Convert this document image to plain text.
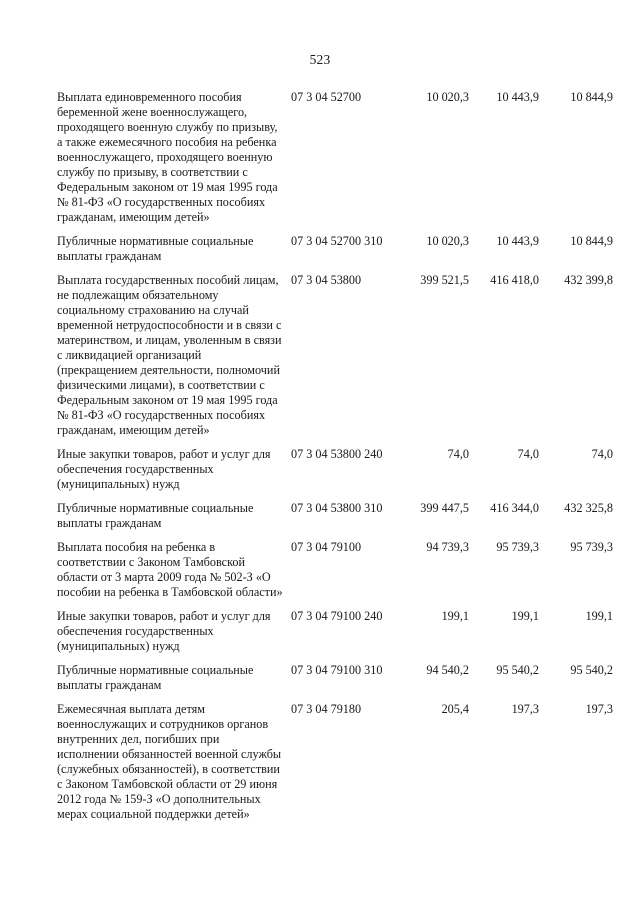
523
Выплата единовременного пособия беременной жене военнослужащего, проходящего военную службу по призыву, а также ежемесячного пособия на ребенка военнослужащего, проходящего военную службу по призыву, в соответствии с Федеральным законом от 19 мая 1995 года № 81-ФЗ «О государственных пособиях гражданам, имеющим детей»
07 3 04 52700	10 020,3	10 443,9	10 844,9
Публичные нормативные социальные выплаты гражданам
07 3 04 52700 310	10 020,3	10 443,9	10 844,9
Выплата государственных пособий лицам, не подлежащим обязательному социальному страхованию на случай временной нетрудоспособности и в связи с материнством, и лицам, уволенным в связи с ликвидацией организаций (прекращением деятельности, полномочий физическими лицами), в соответствии с Федеральным законом от 19 мая 1995 года № 81-ФЗ «О государственных пособиях гражданам, имеющим детей»
07 3 04 53800	399 521,5	416 418,0	432 399,8
Иные закупки товаров, работ и услуг для обеспечения государственных (муниципальных) нужд
07 3 04 53800 240	74,0	74,0	74,0
Публичные нормативные социальные выплаты гражданам
07 3 04 53800 310	399 447,5	416 344,0	432 325,8
Выплата пособия на ребенка в соответствии с Законом Тамбовской области от 3 марта 2009 года № 502-З «О пособии на ребенка в Тамбовской области»
07 3 04 79100	94 739,3	95 739,3	95 739,3
Иные закупки товаров, работ и услуг для обеспечения государственных (муниципальных) нужд
07 3 04 79100 240	199,1	199,1	199,1
Публичные нормативные социальные выплаты гражданам
07 3 04 79100 310	94 540,2	95 540,2	95 540,2
Ежемесячная выплата детям военнослужащих и сотрудников органов внутренних дел, погибших при исполнении обязанностей военной службы (служебных обязанностей), в соответствии с Законом Тамбовской области от 29 июня 2012 года № 159-З «О дополнительных мерах социальной поддержки детей»
07 3 04 79180	205,4	197,3	197,3
